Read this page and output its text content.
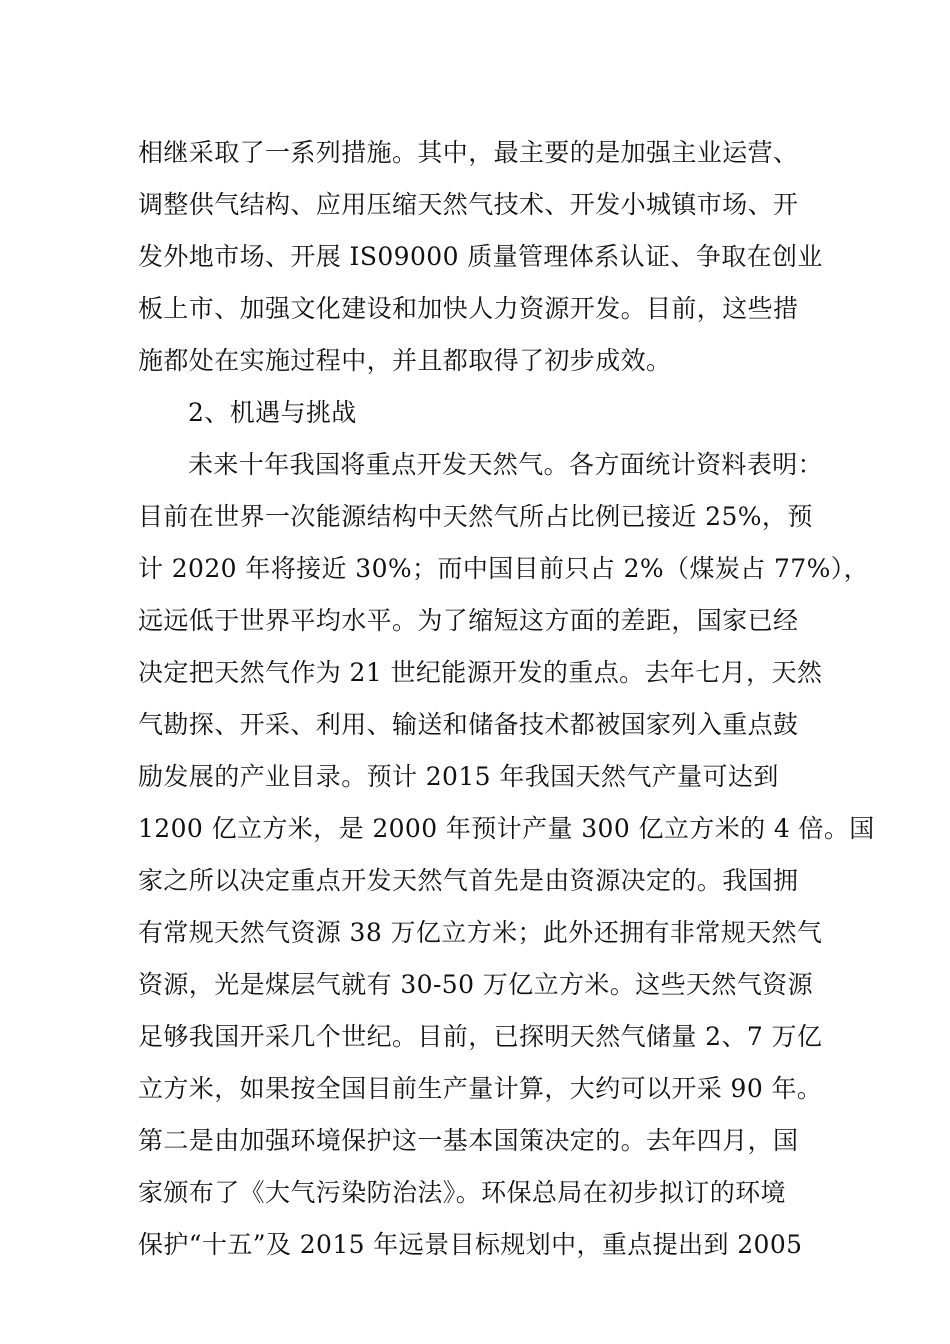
相继采取了一系列措施。其中，最主要的是加强主业运营、
调整供气结构、应用压缩天然气技术、开发小城镇市场、开
发外地市场、开展 IS09000 质量管理体系认证、争取在创业
板上市、加强文化建设和加快人力资源开发。目前，这些措
施都处在实施过程中，并且都取得了初步成效。
2、机遇与挑战
未来十年我国将重点开发天然气。各方面统计资料表明：
目前在世界一次能源结构中天然气所占比例已接近 25%，预
计 2020 年将接近 30%；而中国目前只占 2%（煤炭占 77%），
远远低于世界平均水平。为了缩短这方面的差距，国家已经
决定把天然气作为 21 世纪能源开发的重点。去年七月，天然
气勘探、开采、利用、输送和储备技术都被国家列入重点鼓
励发展的产业目录。预计 2015 年我国天然气产量可达到
1200 亿立方米，是 2000 年预计产量 300 亿立方米的 4 倍。国
家之所以决定重点开发天然气首先是由资源决定的。我国拥
有常规天然气资源 38 万亿立方米；此外还拥有非常规天然气
资源，光是煤层气就有 30-50 万亿立方米。这些天然气资源
足够我国开采几个世纪。目前，已探明天然气储量 2、7 万亿
立方米，如果按全国目前生产量计算，大约可以开采 90 年。
第二是由加强环境保护这一基本国策决定的。去年四月，国
家颁布了《大气污染防治法》。环保总局在初步拟订的环境
保护“十五”及 2015 年远景目标规划中，重点提出到 2005
